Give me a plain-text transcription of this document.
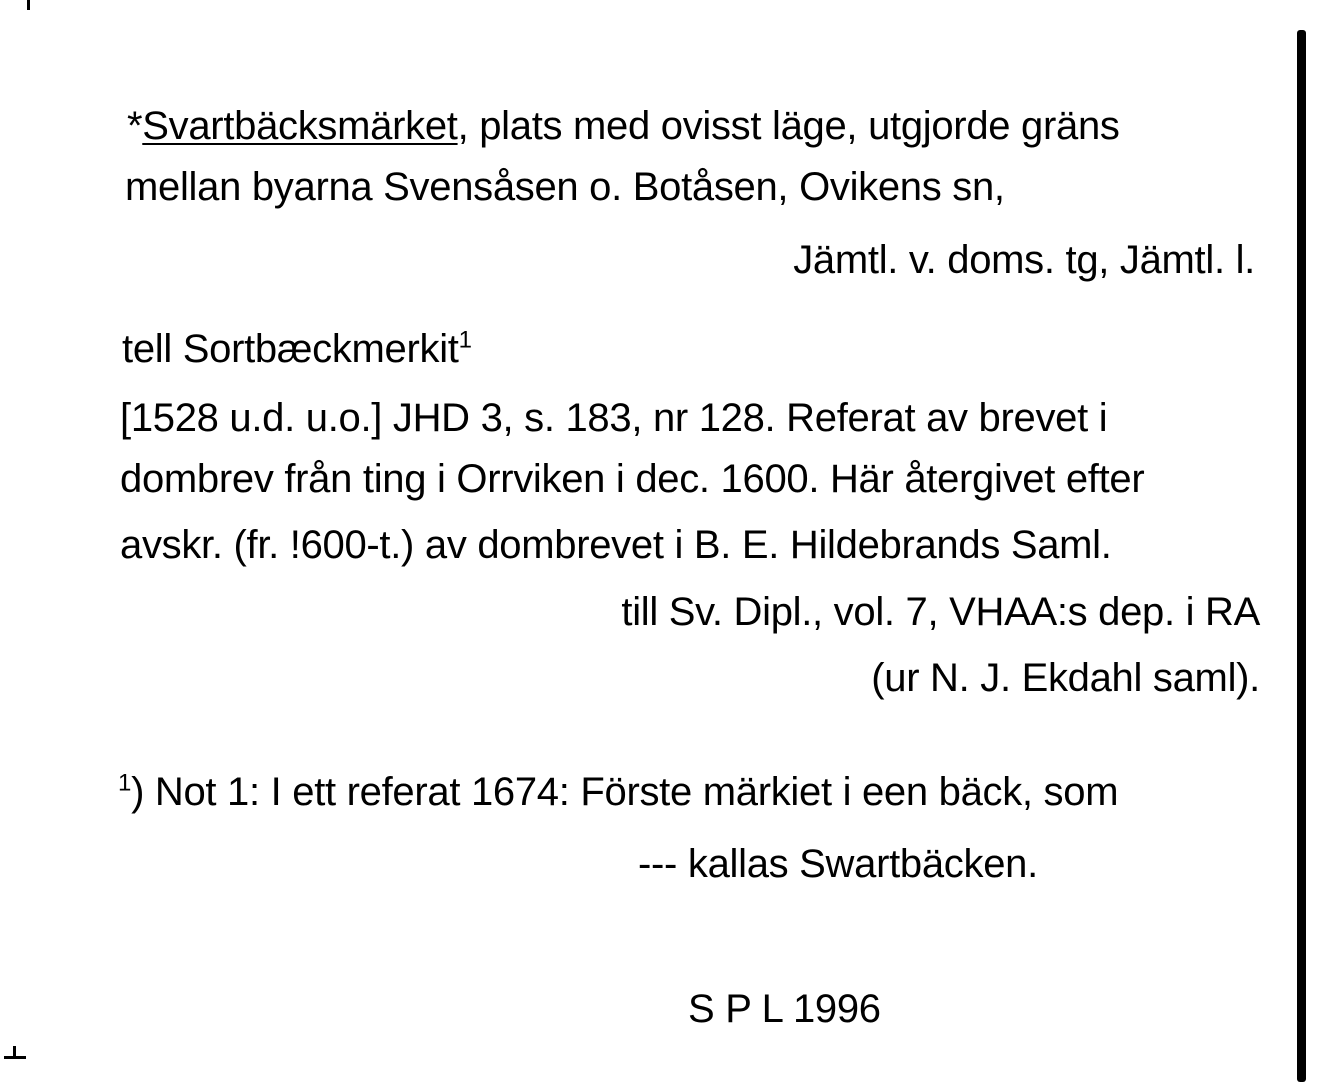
*Svartbäcksmärket, plats med ovisst läge, utgjorde gräns
mellan byarna Svensåsen o. Botåsen, Ovikens sn,
Jämtl. v. doms. tg, Jämtl. l.
tell Sortbæckmerkit$^1$
[1528 u.d. u.o.] JHD 3, s. 183, nr 128. Referat av brevet i
dombrev från ting i Orrviken i dec. 1600. Här återgivet efter
avskr. (fr. !600-t.) av dombrevet i B. E. Hildebrands Saml.
till Sv. Dipl., vol. 7, VHAA:s dep. i RA
(ur N. J. Ekdahl saml).
$^1$) Not 1: I ett referat 1674: Förste märkiet i een bäck, som
--- kallas Swartbäcken.
S P L 1996
